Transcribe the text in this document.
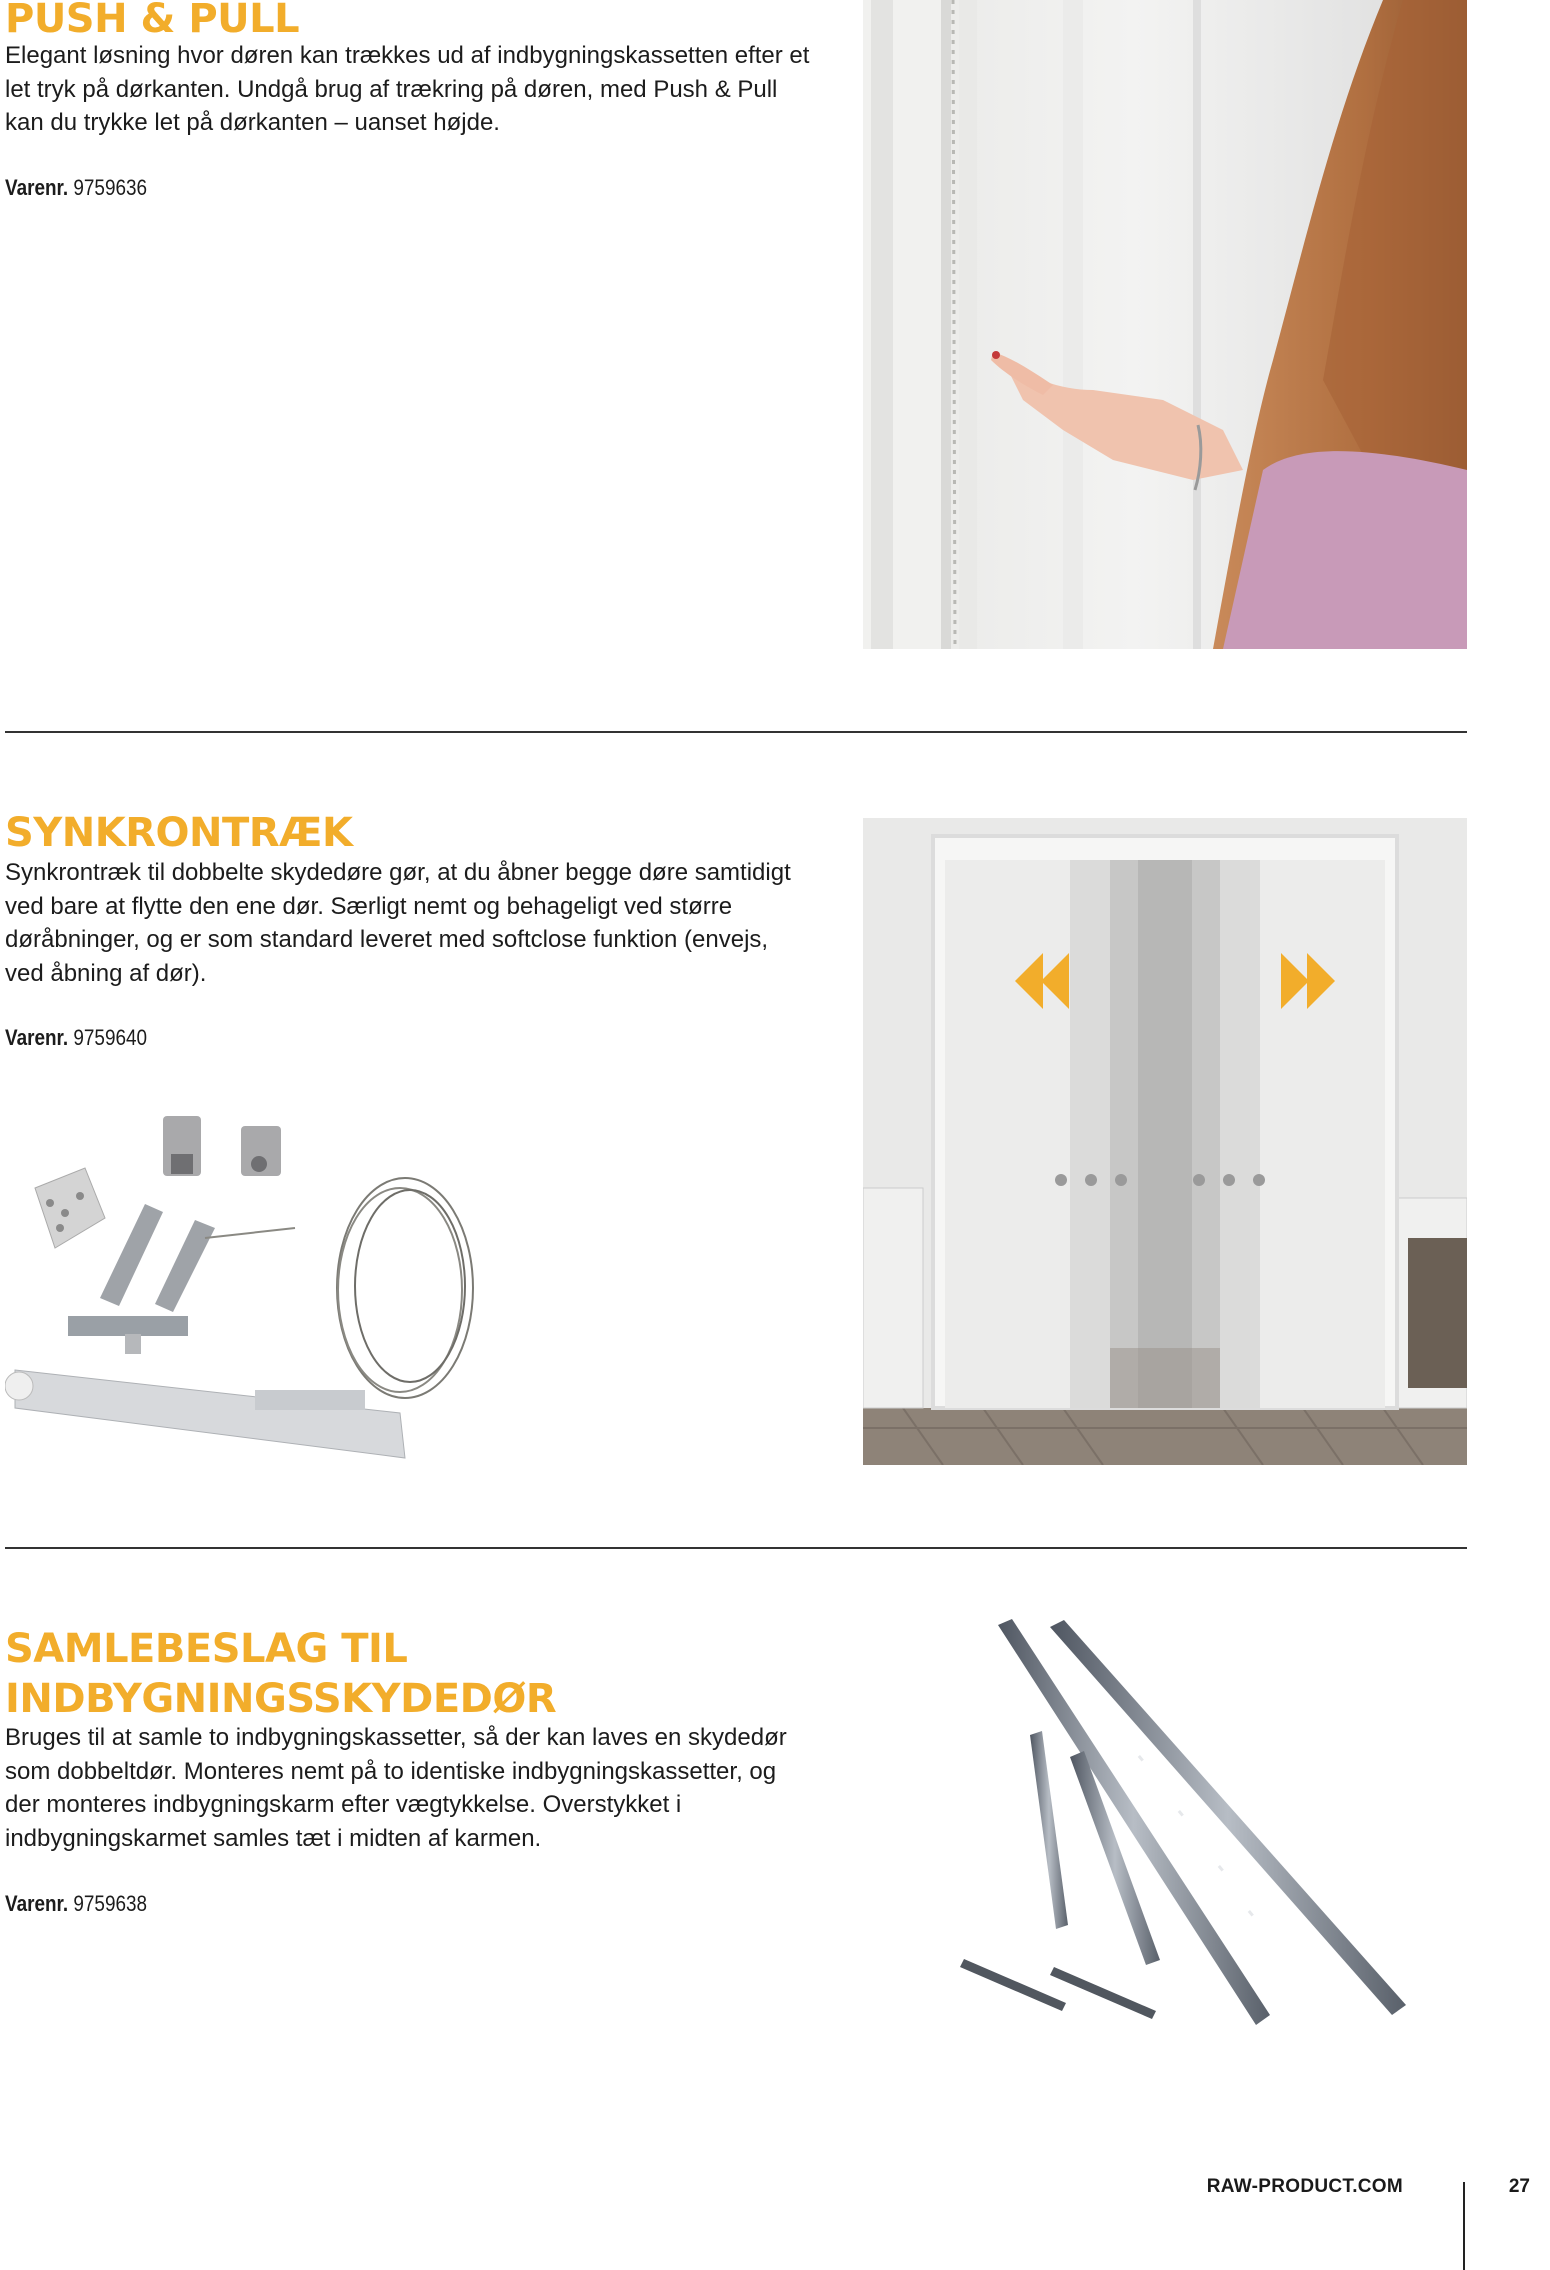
PUSH & PULL

Elegant løsning hvor døren kan trækkes ud af indbygningskassetten efter et let tryk på dørkanten. Undgå brug af trækring på døren, med Push & Pull kan du trykke let på dørkanten – uanset højde.

Varenr. 9759636

SYNKRONTRÆK

Synkrontræk til dobbelte skydedøre gør, at du åbner begge døre samtidigt ved bare at flytte den ene dør. Særligt nemt og behageligt ved større døråbninger, og er som standard leveret med softclose funktion (envejs, ved åbning af dør).

Varenr. 9759640

SAMLEBESLAG TIL
INDBYGNINGSSKYDEDØR

Bruges til at samle to indbygningskassetter, så der kan laves en skydedør som dobbeltdør. Monteres nemt på to identiske indbygningskassetter, og der monteres indbygningskarm efter vægtykkelse. Overstykket i indbygningskarmet samles tæt i midten af karmen.

Varenr. 9759638

RAW-PRODUCT.COM	27
